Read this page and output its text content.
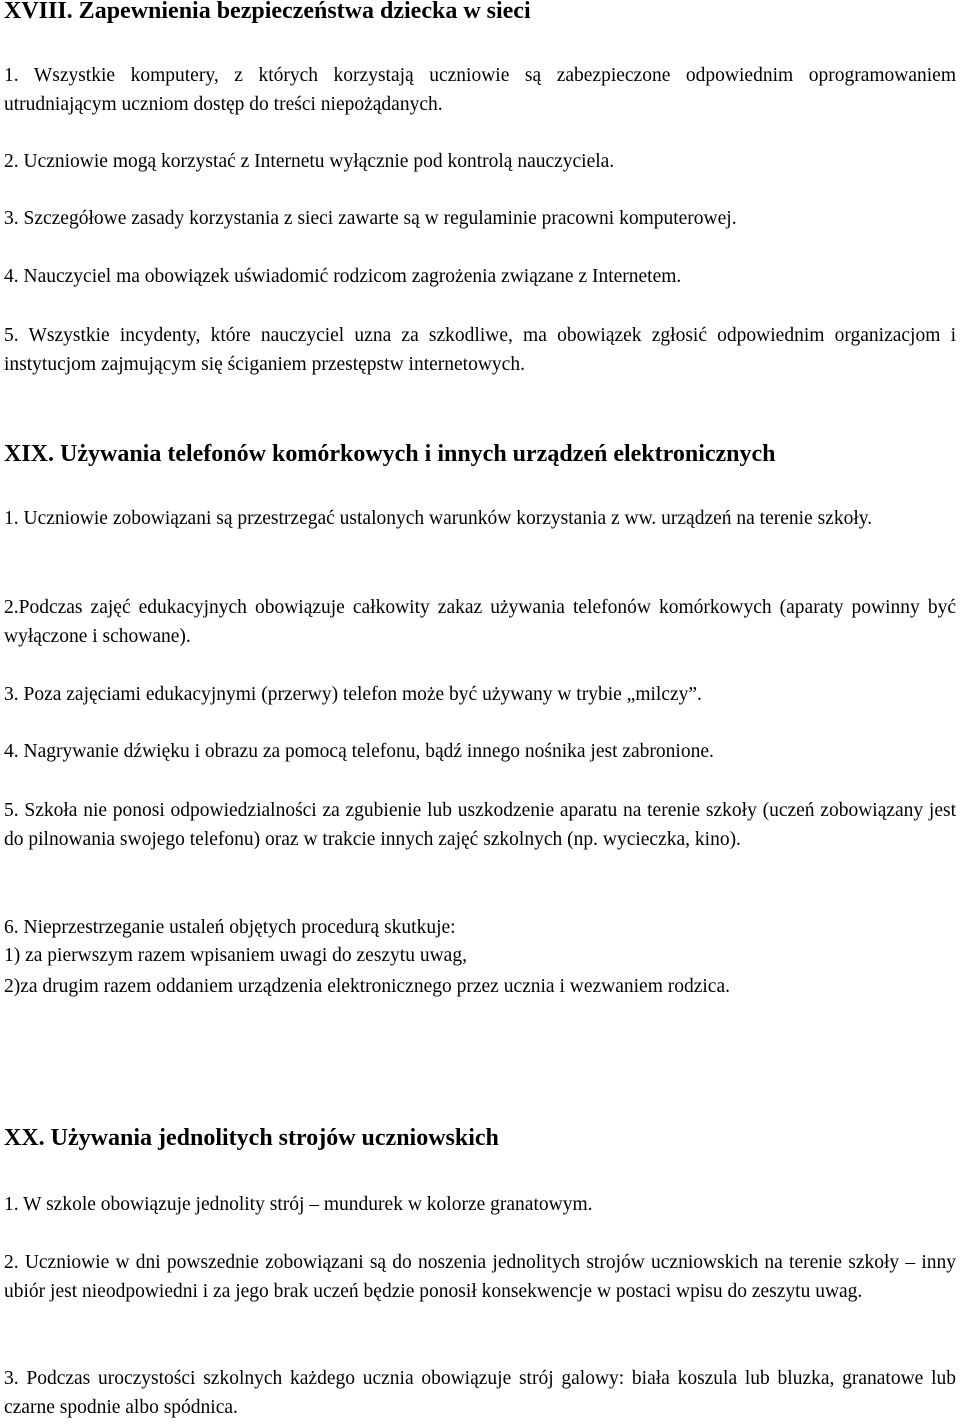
XVIII. Zapewnienia bezpieczeństwa dziecka w sieci

1. Wszystkie komputery, z których korzystają uczniowie są zabezpieczone odpowiednim oprogramowaniem utrudniającym uczniom dostęp do treści niepożądanych.

2. Uczniowie mogą korzystać z Internetu wyłącznie pod kontrolą nauczyciela.

3. Szczegółowe zasady korzystania z sieci zawarte są w regulaminie pracowni komputerowej.

4. Nauczyciel ma obowiązek uświadomić rodzicom zagrożenia związane z Internetem.

5. Wszystkie incydenty, które nauczyciel uzna za szkodliwe, ma obowiązek zgłosić odpowiednim organizacjom i instytucjom zajmującym się ściganiem przestępstw internetowych.

XIX. Używania telefonów komórkowych i innych urządzeń elektronicznych

1. Uczniowie zobowiązani są przestrzegać ustalonych warunków korzystania z ww. urządzeń na terenie szkoły.

2.Podczas zajęć edukacyjnych obowiązuje całkowity zakaz używania telefonów komórkowych (aparaty powinny być wyłączone i schowane).

3. Poza zajęciami edukacyjnymi (przerwy) telefon może być używany w trybie „milczy”.

4. Nagrywanie dźwięku i obrazu za pomocą telefonu, bądź innego nośnika jest zabronione.

5. Szkoła nie ponosi odpowiedzialności za zgubienie lub uszkodzenie aparatu na terenie szkoły (uczeń zobowiązany jest do pilnowania swojego telefonu) oraz w trakcie innych zajęć szkolnych (np. wycieczka, kino).

6. Nieprzestrzeganie ustaleń objętych procedurą skutkuje:

1) za pierwszym razem wpisaniem uwagi do zeszytu uwag,

2)za drugim razem oddaniem urządzenia elektronicznego przez ucznia i wezwaniem rodzica.

XX. Używania jednolitych strojów uczniowskich

1. W szkole obowiązuje jednolity strój – mundurek w kolorze granatowym.

2. Uczniowie w dni powszednie zobowiązani są do noszenia jednolitych strojów uczniowskich na terenie szkoły – inny ubiór jest nieodpowiedni i za jego brak uczeń będzie ponosił konsekwencje w postaci wpisu do zeszytu uwag.

3. Podczas uroczystości szkolnych każdego ucznia obowiązuje strój galowy: biała koszula lub bluzka, granatowe lub czarne spodnie albo spódnica.
